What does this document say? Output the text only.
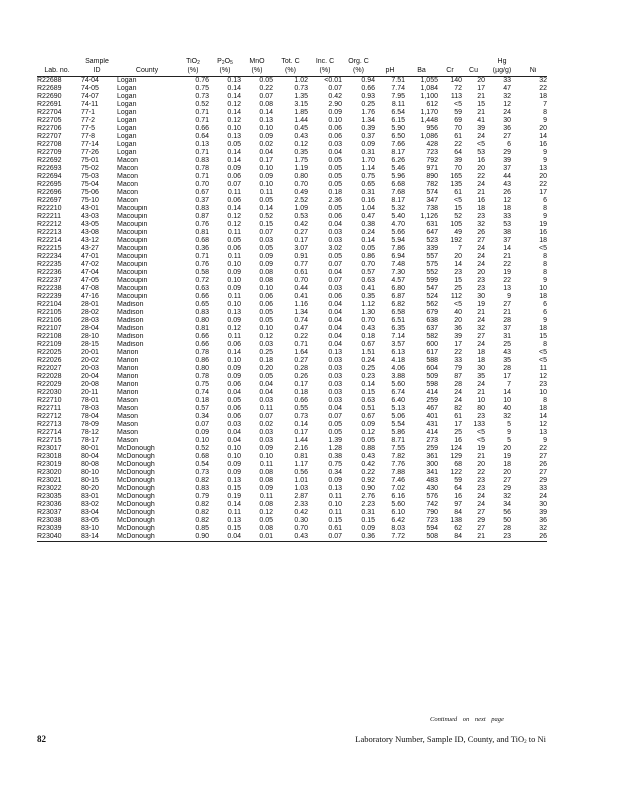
	Sample		TiO$_2$	$P_2O_5$	MnO	Tot. C	Inc. C	Org. C					Hg	
Lab. no.	ID	County	(%)	(%)	(%)	(%)	(%)	(%)	pH	Ba	Cr	Cu	(µg/g)	Ni
R22688	74-04	Logan	0.76	0.13	0.05	1.02	<0.01	0.94	7.51	1,055	140	20	33	32
R22689	74-05	Logan	0.75	0.14	0.22	0.73	0.07	0.66	7.74	1,084	72	17	47	22
R22690	74-07	Logan	0.73	0.14	0.07	1.35	0.42	0.93	7.95	1,100	113	21	32	18
R22691	74-11	Logan	0.52	0.12	0.08	3.15	2.90	0.25	8.11	612	<5	15	12	7
R22704	77-1	Logan	0.71	0.14	0.14	1.85	0.09	1.76	6.54	1,170	59	21	24	8
R22705	77-2	Logan	0.71	0.12	0.13	1.44	0.10	1.34	6.15	1,448	69	41	30	9
R22706	77-5	Logan	0.66	0.10	0.10	0.45	0.06	0.39	5.90	956	70	39	36	20
R22707	77-8	Logan	0.64	0.13	0.09	0.43	0.06	0.37	6.50	1,086	61	24	27	14
R22708	77-14	Logan	0.13	0.05	0.02	0.12	0.03	0.09	7.66	428	22	<5	6	16
R22709	77-26	Logan	0.71	0.14	0.04	0.35	0.04	0.31	8.17	723	64	53	29	9
R22692	75-01	Macon	0.83	0.14	0.17	1.75	0.05	1.70	6.26	792	39	16	39	9
R22693	75-02	Macon	0.78	0.09	0.10	1.19	0.05	1.14	5.46	971	70	20	37	13
R22694	75-03	Macon	0.71	0.06	0.09	0.80	0.05	0.75	5.96	890	165	22	44	20
R22695	75-04	Macon	0.70	0.07	0.10	0.70	0.05	0.65	6.68	782	135	24	43	22
R22696	75-06	Macon	0.67	0.11	0.11	0.49	0.18	0.31	7.68	574	61	21	26	17
R22697	75-10	Macon	0.37	0.06	0.05	2.52	2.36	0.16	8.17	347	<5	16	12	6
R22210	43-01	Macoupin	0.83	0.14	0.14	1.09	0.05	1.04	5.32	738	15	18	18	8
R22211	43-03	Macoupin	0.87	0.12	0.52	0.53	0.06	0.47	5.40	1,126	52	23	33	9
R22212	43-05	Macoupin	0.76	0.12	0.15	0.42	0.04	0.38	4.70	631	105	32	53	19
R22213	43-08	Macoupin	0.81	0.11	0.07	0.27	0.03	0.24	5.66	647	49	26	38	16
R22214	43-12	Macoupin	0.68	0.05	0.03	0.17	0.03	0.14	5.94	523	192	27	37	18
R22215	43-27	Macoupin	0.36	0.06	0.05	3.07	3.02	0.05	7.86	339	7	24	14	<5
R22234	47-01	Macoupin	0.71	0.11	0.09	0.91	0.05	0.86	6.94	557	20	24	21	8
R22235	47-02	Macoupin	0.76	0.10	0.09	0.77	0.07	0.70	7.48	575	14	24	22	8
R22236	47-04	Macoupin	0.58	0.09	0.08	0.61	0.04	0.57	7.30	552	23	20	19	8
R22237	47-05	Macoupin	0.72	0.10	0.08	0.70	0.07	0.63	4.57	599	15	23	22	9
R22238	47-08	Macoupin	0.63	0.09	0.10	0.44	0.03	0.41	6.80	547	25	23	13	10
R22239	47-16	Macoupin	0.66	0.11	0.06	0.41	0.06	0.35	6.87	524	112	30	9	18
R22104	28-01	Madison	0.65	0.10	0.06	1.16	0.04	1.12	6.82	562	<5	19	27	6
R22105	28-02	Madison	0.83	0.13	0.05	1.34	0.04	1.30	6.58	679	40	21	21	6
R22106	28-03	Madison	0.80	0.09	0.05	0.74	0.04	0.70	6.51	638	20	24	28	9
R22107	28-04	Madison	0.81	0.12	0.10	0.47	0.04	0.43	6.35	637	36	32	37	18
R22108	28-10	Madison	0.66	0.11	0.12	0.22	0.04	0.18	7.14	582	39	27	31	15
R22109	28-15	Madison	0.66	0.06	0.03	0.71	0.04	0.67	3.57	600	17	24	25	8
R22025	20-01	Marion	0.78	0.14	0.25	1.64	0.13	1.51	6.13	617	22	18	43	<5
R22026	20-02	Marion	0.86	0.10	0.18	0.27	0.03	0.24	4.18	588	33	18	35	<5
R22027	20-03	Marion	0.80	0.09	0.20	0.28	0.03	0.25	4.06	604	79	30	28	11
R22028	20-04	Marion	0.78	0.09	0.05	0.26	0.03	0.23	3.88	509	87	35	17	12
R22029	20-08	Marion	0.75	0.06	0.04	0.17	0.03	0.14	5.60	598	28	24	7	23
R22030	20-11	Marion	0.74	0.04	0.04	0.18	0.03	0.15	6.74	414	24	21	14	10
R22710	78-01	Mason	0.18	0.05	0.03	0.66	0.03	0.63	6.40	259	24	10	10	8
R22711	78-03	Mason	0.57	0.06	0.11	0.55	0.04	0.51	5.13	467	82	80	40	18
R22712	78-04	Mason	0.34	0.06	0.07	0.73	0.07	0.67	5.06	401	61	23	32	14
R22713	78-09	Mason	0.07	0.03	0.02	0.14	0.05	0.09	5.54	431	17	133	5	12
R22714	78-12	Mason	0.09	0.04	0.03	0.17	0.05	0.12	5.86	414	25	<5	9	13
R22715	78-17	Mason	0.10	0.04	0.03	1.44	1.39	0.05	8.71	273	16	<5	5	9
R23017	80-01	McDonough	0.52	0.10	0.09	2.16	1.28	0.88	7.55	259	124	19	20	22
R23018	80-04	McDonough	0.68	0.10	0.10	0.81	0.38	0.43	7.82	361	129	21	19	27
R23019	80-08	McDonough	0.54	0.09	0.11	1.17	0.75	0.42	7.76	300	68	20	18	26
R23020	80-10	McDonough	0.73	0.09	0.08	0.56	0.34	0.22	7.88	341	122	22	20	27
R23021	80-15	McDonough	0.82	0.13	0.08	1.01	0.09	0.92	7.46	483	59	23	27	29
R23022	80-20	McDonough	0.83	0.15	0.09	1.03	0.13	0.90	7.02	430	64	23	29	33
R23035	83-01	McDonough	0.79	0.19	0.11	2.87	0.11	2.76	6.16	576	16	24	32	24
R23036	83-02	McDonough	0.82	0.14	0.08	2.33	0.10	2.23	5.60	742	97	24	34	30
R23037	83-04	McDonough	0.82	0.11	0.12	0.42	0.11	0.31	6.10	790	84	27	56	39
R23038	83-05	McDonough	0.82	0.13	0.05	0.30	0.15	0.15	6.42	723	138	29	50	36
R23039	83-10	McDonough	0.85	0.15	0.08	0.70	0.61	0.09	8.03	594	62	27	28	32
R23040	83-14	McDonough	0.90	0.04	0.01	0.43	0.07	0.36	7.72	508	84	21	23	26
Continued on next page
82	Laboratory Number, Sample ID, County, and TiO$_2$ to Ni
